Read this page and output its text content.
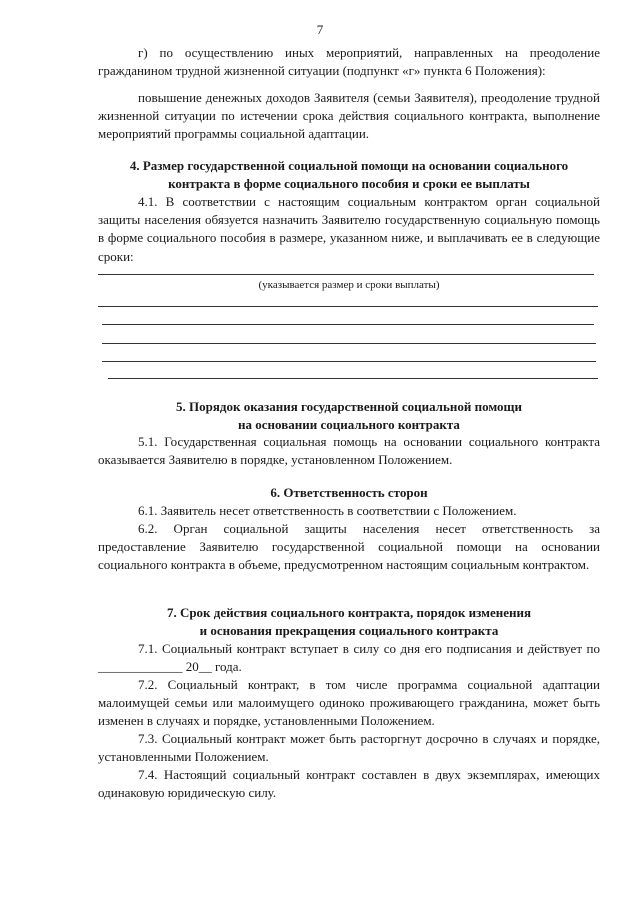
7

г) по осуществлению иных мероприятий, направленных на преодоление гражданином трудной жизненной ситуации (подпункт «г» пункта 6 Положения):

повышение денежных доходов Заявителя (семьи Заявителя), преодоление трудной жизненной ситуации по истечении срока действия социального контракта, выполнение мероприятий программы социальной адаптации.

4. Размер государственной социальной помощи на основании социального
контракта в форме социального пособия и сроки ее выплаты

4.1. В соответствии с настоящим социальным контрактом орган социальной защиты населения обязуется назначить Заявителю государственную социальную помощь в форме социального пособия в размере, указанном ниже, и выплачивать ее в следующие сроки:

(указывается размер и сроки выплаты)
5. Порядок оказания государственной социальной помощи
на основании социального контракта

5.1. Государственная социальная помощь на основании социального контракта оказывается Заявителю в порядке, установленном Положением.

6. Ответственность сторон

6.1. Заявитель несет ответственность в соответствии с Положением.

6.2. Орган социальной защиты населения несет ответственность за предоставление Заявителю государственной социальной помощи на основании социального контракта в объеме, предусмотренном настоящим социальным контрактом.

7. Срок действия социального контракта, порядок изменения
и основания прекращения социального контракта

7.1. Социальный контракт вступает в силу со дня его подписания и действует по _____________ 20__ года.

7.2. Социальный контракт, в том числе программа социальной адаптации малоимущей семьи или малоимущего одиноко проживающего гражданина, может быть изменен в случаях и порядке, установленными Положением.

7.3. Социальный контракт может быть расторгнут досрочно в случаях и порядке, установленными Положением.

7.4. Настоящий социальный контракт составлен в двух экземплярах, имеющих одинаковую юридическую силу.
